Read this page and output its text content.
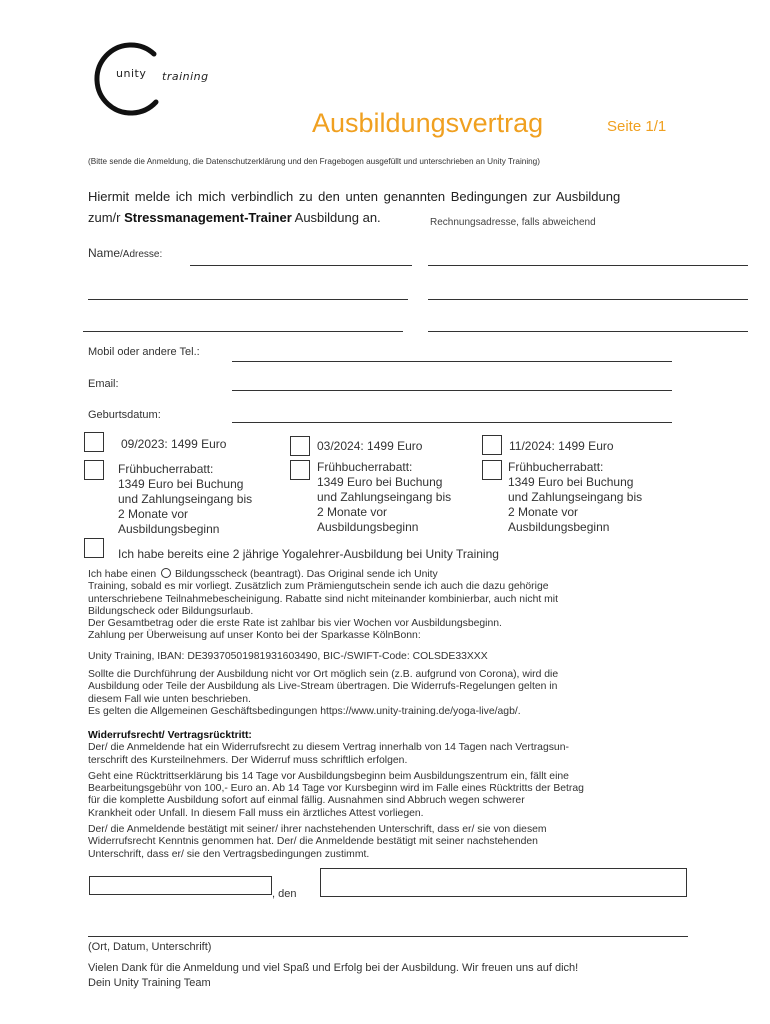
unity training
Ausbildungsvertrag	Seite 1/1
(Bitte sende die Anmeldung, die Datenschutzerklärung und den Fragebogen ausgefüllt und unterschrieben an Unity Training)
Hiermit melde ich mich verbindlich zu den unten genannten Bedingungen zur Ausbildung
zum/r Stressmanagement-Trainer Ausbildung an.	Rechnungsadresse, falls abweichend
Name/Adresse:
Mobil oder andere Tel.:
Email:
Geburtsdatum:
09/2023: 1499 Euro
Frühbucherrabatt:
1349 Euro bei Buchung
und Zahlungseingang bis
2 Monate vor
Ausbildungsbeginn
03/2024: 1499 Euro
Frühbucherrabatt:
1349 Euro bei Buchung
und Zahlungseingang bis
2 Monate vor
Ausbildungsbeginn
11/2024: 1499 Euro
Frühbucherrabatt:
1349 Euro bei Buchung
und Zahlungseingang bis
2 Monate vor
Ausbildungsbeginn
Ich habe bereits eine 2 jährige Yogalehrer-Ausbildung bei Unity Training
Ich habe einen  Bildungsscheck (beantragt). Das Original sende ich Unity
Training, sobald es mir vorliegt. Zusätzlich zum Prämiengutschein sende ich auch die dazu gehörige
unterschriebene Teilnahmebescheinigung. Rabatte sind nicht miteinander kombinierbar, auch nicht mit
Bildungscheck oder Bildungsurlaub.
Der Gesamtbetrag oder die erste Rate ist zahlbar bis vier Wochen vor Ausbildungsbeginn.
Zahlung per Überweisung auf unser Konto bei der Sparkasse KölnBonn:
Unity Training, IBAN: DE39370501981931603490, BIC-/SWIFT-Code: COLSDE33XXX
Sollte die Durchführung der Ausbildung nicht vor Ort möglich sein (z.B. aufgrund von Corona), wird die
Ausbildung oder Teile der Ausbildung als Live-Stream übertragen. Die Widerrufs-Regelungen gelten in
diesem Fall wie unten beschrieben.
Es gelten die Allgemeinen Geschäftsbedingungen https://www.unity-training.de/yoga-live/agb/.
Widerrufsrecht/ Vertragsrücktritt:
Der/ die Anmeldende hat ein Widerrufsrecht zu diesem Vertrag innerhalb von 14 Tagen nach Vertragsun-
terschrift des Kursteilnehmers. Der Widerruf muss schriftlich erfolgen.
Geht eine Rücktrittserklärung bis 14 Tage vor Ausbildungsbeginn beim Ausbildungszentrum ein, fällt eine
Bearbeitungsgebühr von 100,- Euro an. Ab 14 Tage vor Kursbeginn wird im Falle eines Rücktritts der Betrag
für die komplette Ausbildung sofort auf einmal fällig. Ausnahmen sind Abbruch wegen schwerer
Krankheit oder Unfall. In diesem Fall muss ein ärztliches Attest vorliegen.
Der/ die Anmeldende bestätigt mit seiner/ ihrer nachstehenden Unterschrift, dass er/ sie von diesem
Widerrufsrecht Kenntnis genommen hat. Der/ die Anmeldende bestätigt mit seiner nachstehenden
Unterschrift, dass er/ sie den Vertragsbedingungen zustimmt.
, den
(Ort, Datum, Unterschrift)
Vielen Dank für die Anmeldung und viel Spaß und Erfolg bei der Ausbildung. Wir freuen uns auf dich!
Dein Unity Training Team
